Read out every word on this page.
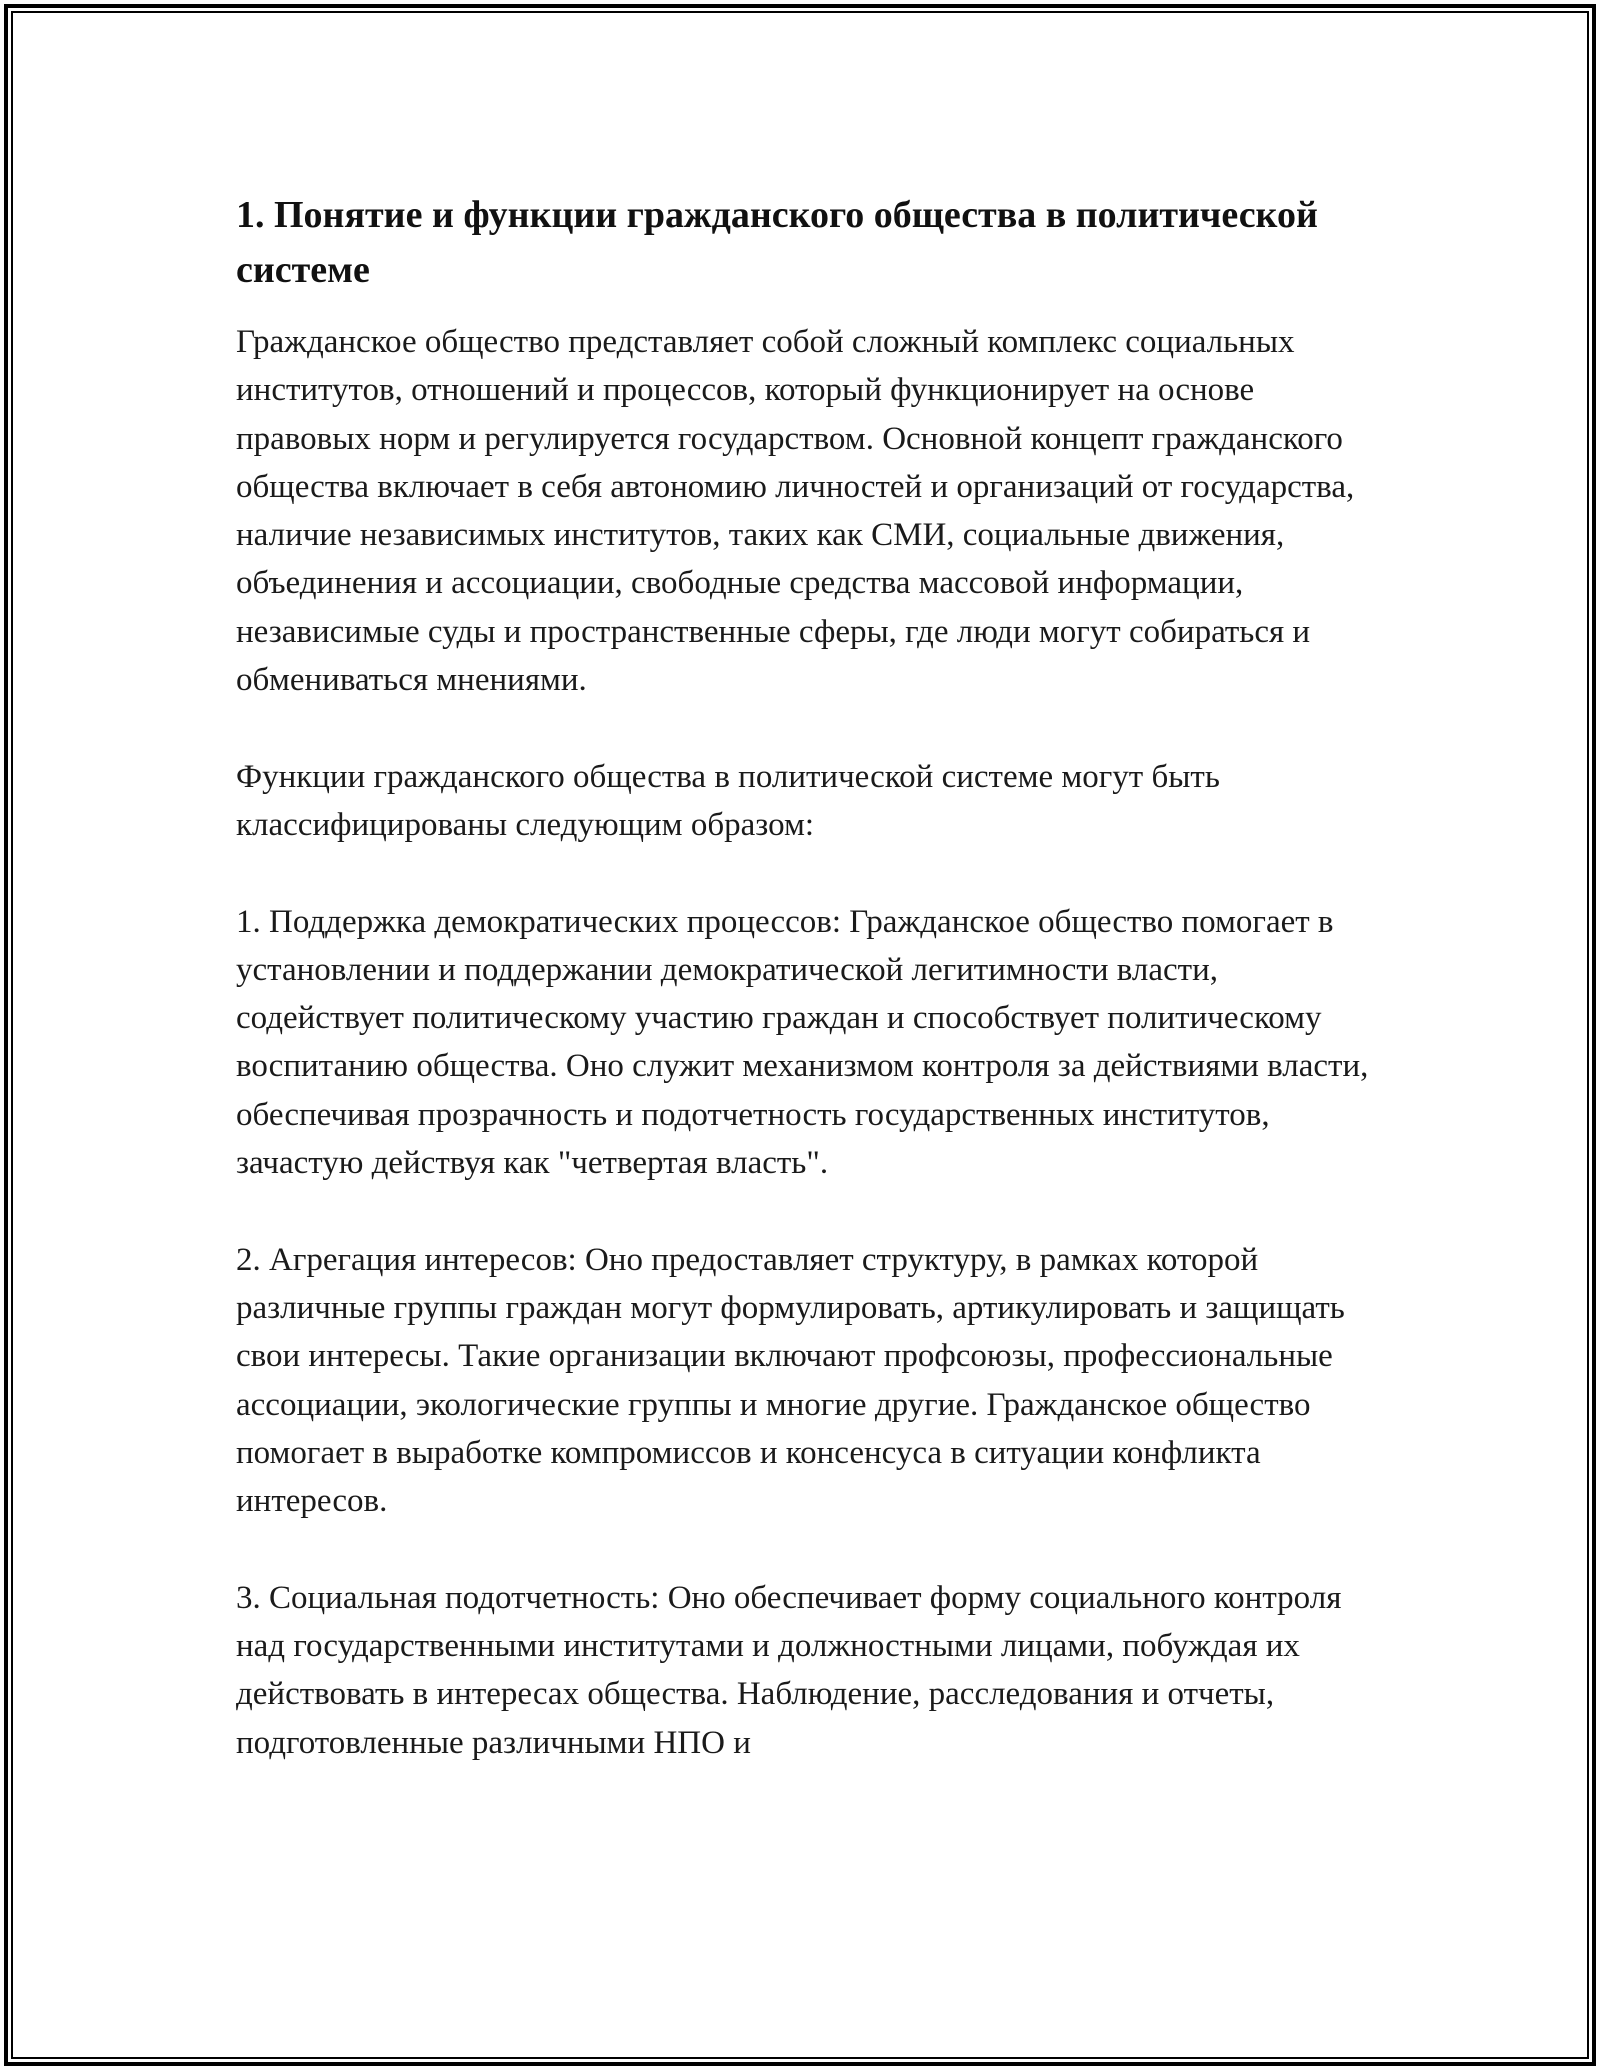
1. Понятие и функции гражданского общества в политической системе

Гражданское общество представляет собой сложный комплекс социальных институтов, отношений и процессов, который функционирует на основе правовых норм и регулируется государством. Основной концепт гражданского общества включает в себя автономию личностей и организаций от государства, наличие независимых институтов, таких как СМИ, социальные движения, объединения и ассоциации, свободные средства массовой информации, независимые суды и пространственные сферы, где люди могут собираться и обмениваться мнениями.

Функции гражданского общества в политической системе могут быть классифицированы следующим образом:

1. Поддержка демократических процессов: Гражданское общество помогает в установлении и поддержании демократической легитимности власти, содействует политическому участию граждан и способствует политическому воспитанию общества. Оно служит механизмом контроля за действиями власти, обеспечивая прозрачность и подотчетность государственных институтов, зачастую действуя как "четвертая власть".

2. Агрегация интересов: Оно предоставляет структуру, в рамках которой различные группы граждан могут формулировать, артикулировать и защищать свои интересы. Такие организации включают профсоюзы, профессиональные ассоциации, экологические группы и многие другие. Гражданское общество помогает в выработке компромиссов и консенсуса в ситуации конфликта интересов.

3. Социальная подотчетность: Оно обеспечивает форму социального контроля над государственными институтами и должностными лицами, побуждая их действовать в интересах общества. Наблюдение, расследования и отчеты, подготовленные различными НПО и
